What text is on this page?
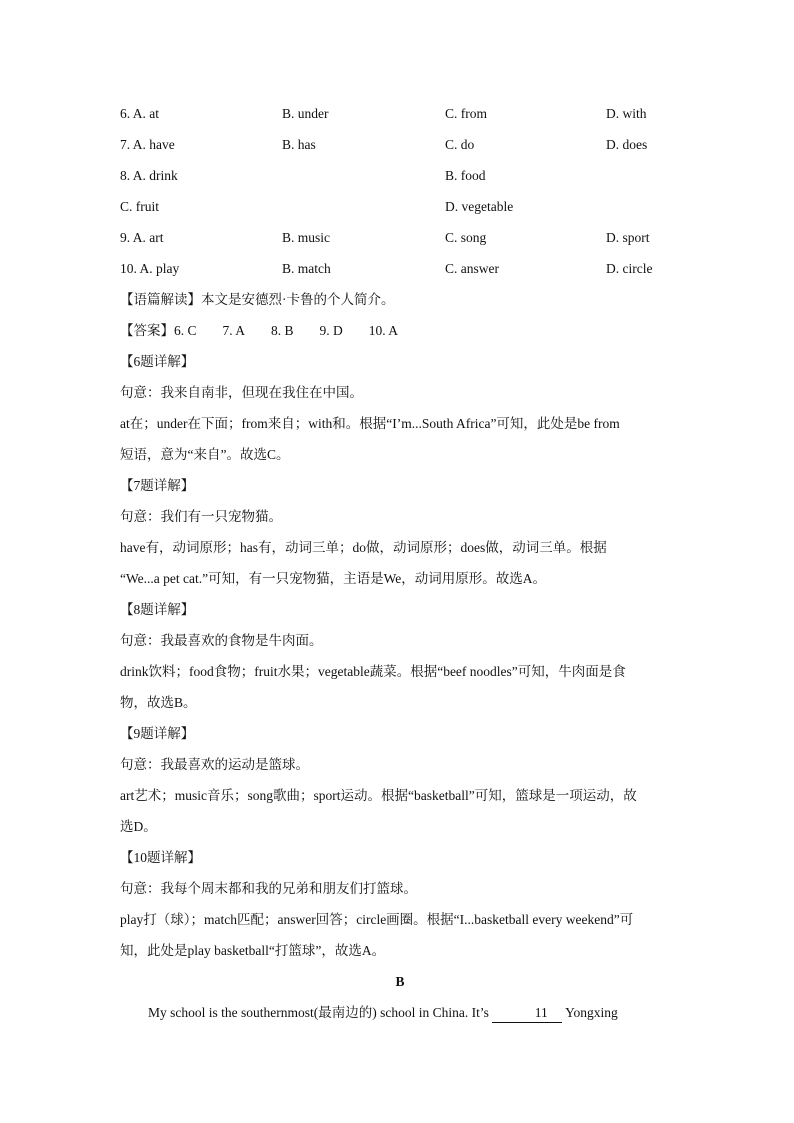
6. A. at	B. under	C. from	D. with
7. A. have	B. has	C. do	D. does
8. A. drink	B. food
C. fruit	D. vegetable
9. A. art	B. music	C. song	D. sport
10. A. play	B. match	C. answer	D. circle
【语篇解读】本文是安德烈·卡鲁的个人简介。
【答案】6. C 7. A 8. B 9. D 10. A
【6题详解】
句意：我来自南非，但现在我住在中国。
at在；under在下面；from来自；with和。根据“I’m...South Africa”可知，此处是be from
短语，意为“来自”。故选C。
【7题详解】
句意：我们有一只宠物猫。
have有，动词原形；has有，动词三单；do做，动词原形；does做，动词三单。根据
“We...a pet cat.”可知，有一只宠物猫，主语是We，动词用原形。故选A。
【8题详解】
句意：我最喜欢的食物是牛肉面。
drink饮料；food食物；fruit水果；vegetable蔬菜。根据“beef noodles”可知，牛肉面是食
物，故选B。
【9题详解】
句意：我最喜欢的运动是篮球。
art艺术；music音乐；song歌曲；sport运动。根据“basketball”可知，篮球是一项运动，故
选D。
【10题详解】
句意：我每个周末都和我的兄弟和朋友们打篮球。
play打（球）；match匹配；answer回答；circle画圈。根据“I...basketball every weekend”可
知，此处是play basketball“打篮球”，故选A。
B
My school is the southernmost(最南边的) school in China. It’s	11 Yongxing
